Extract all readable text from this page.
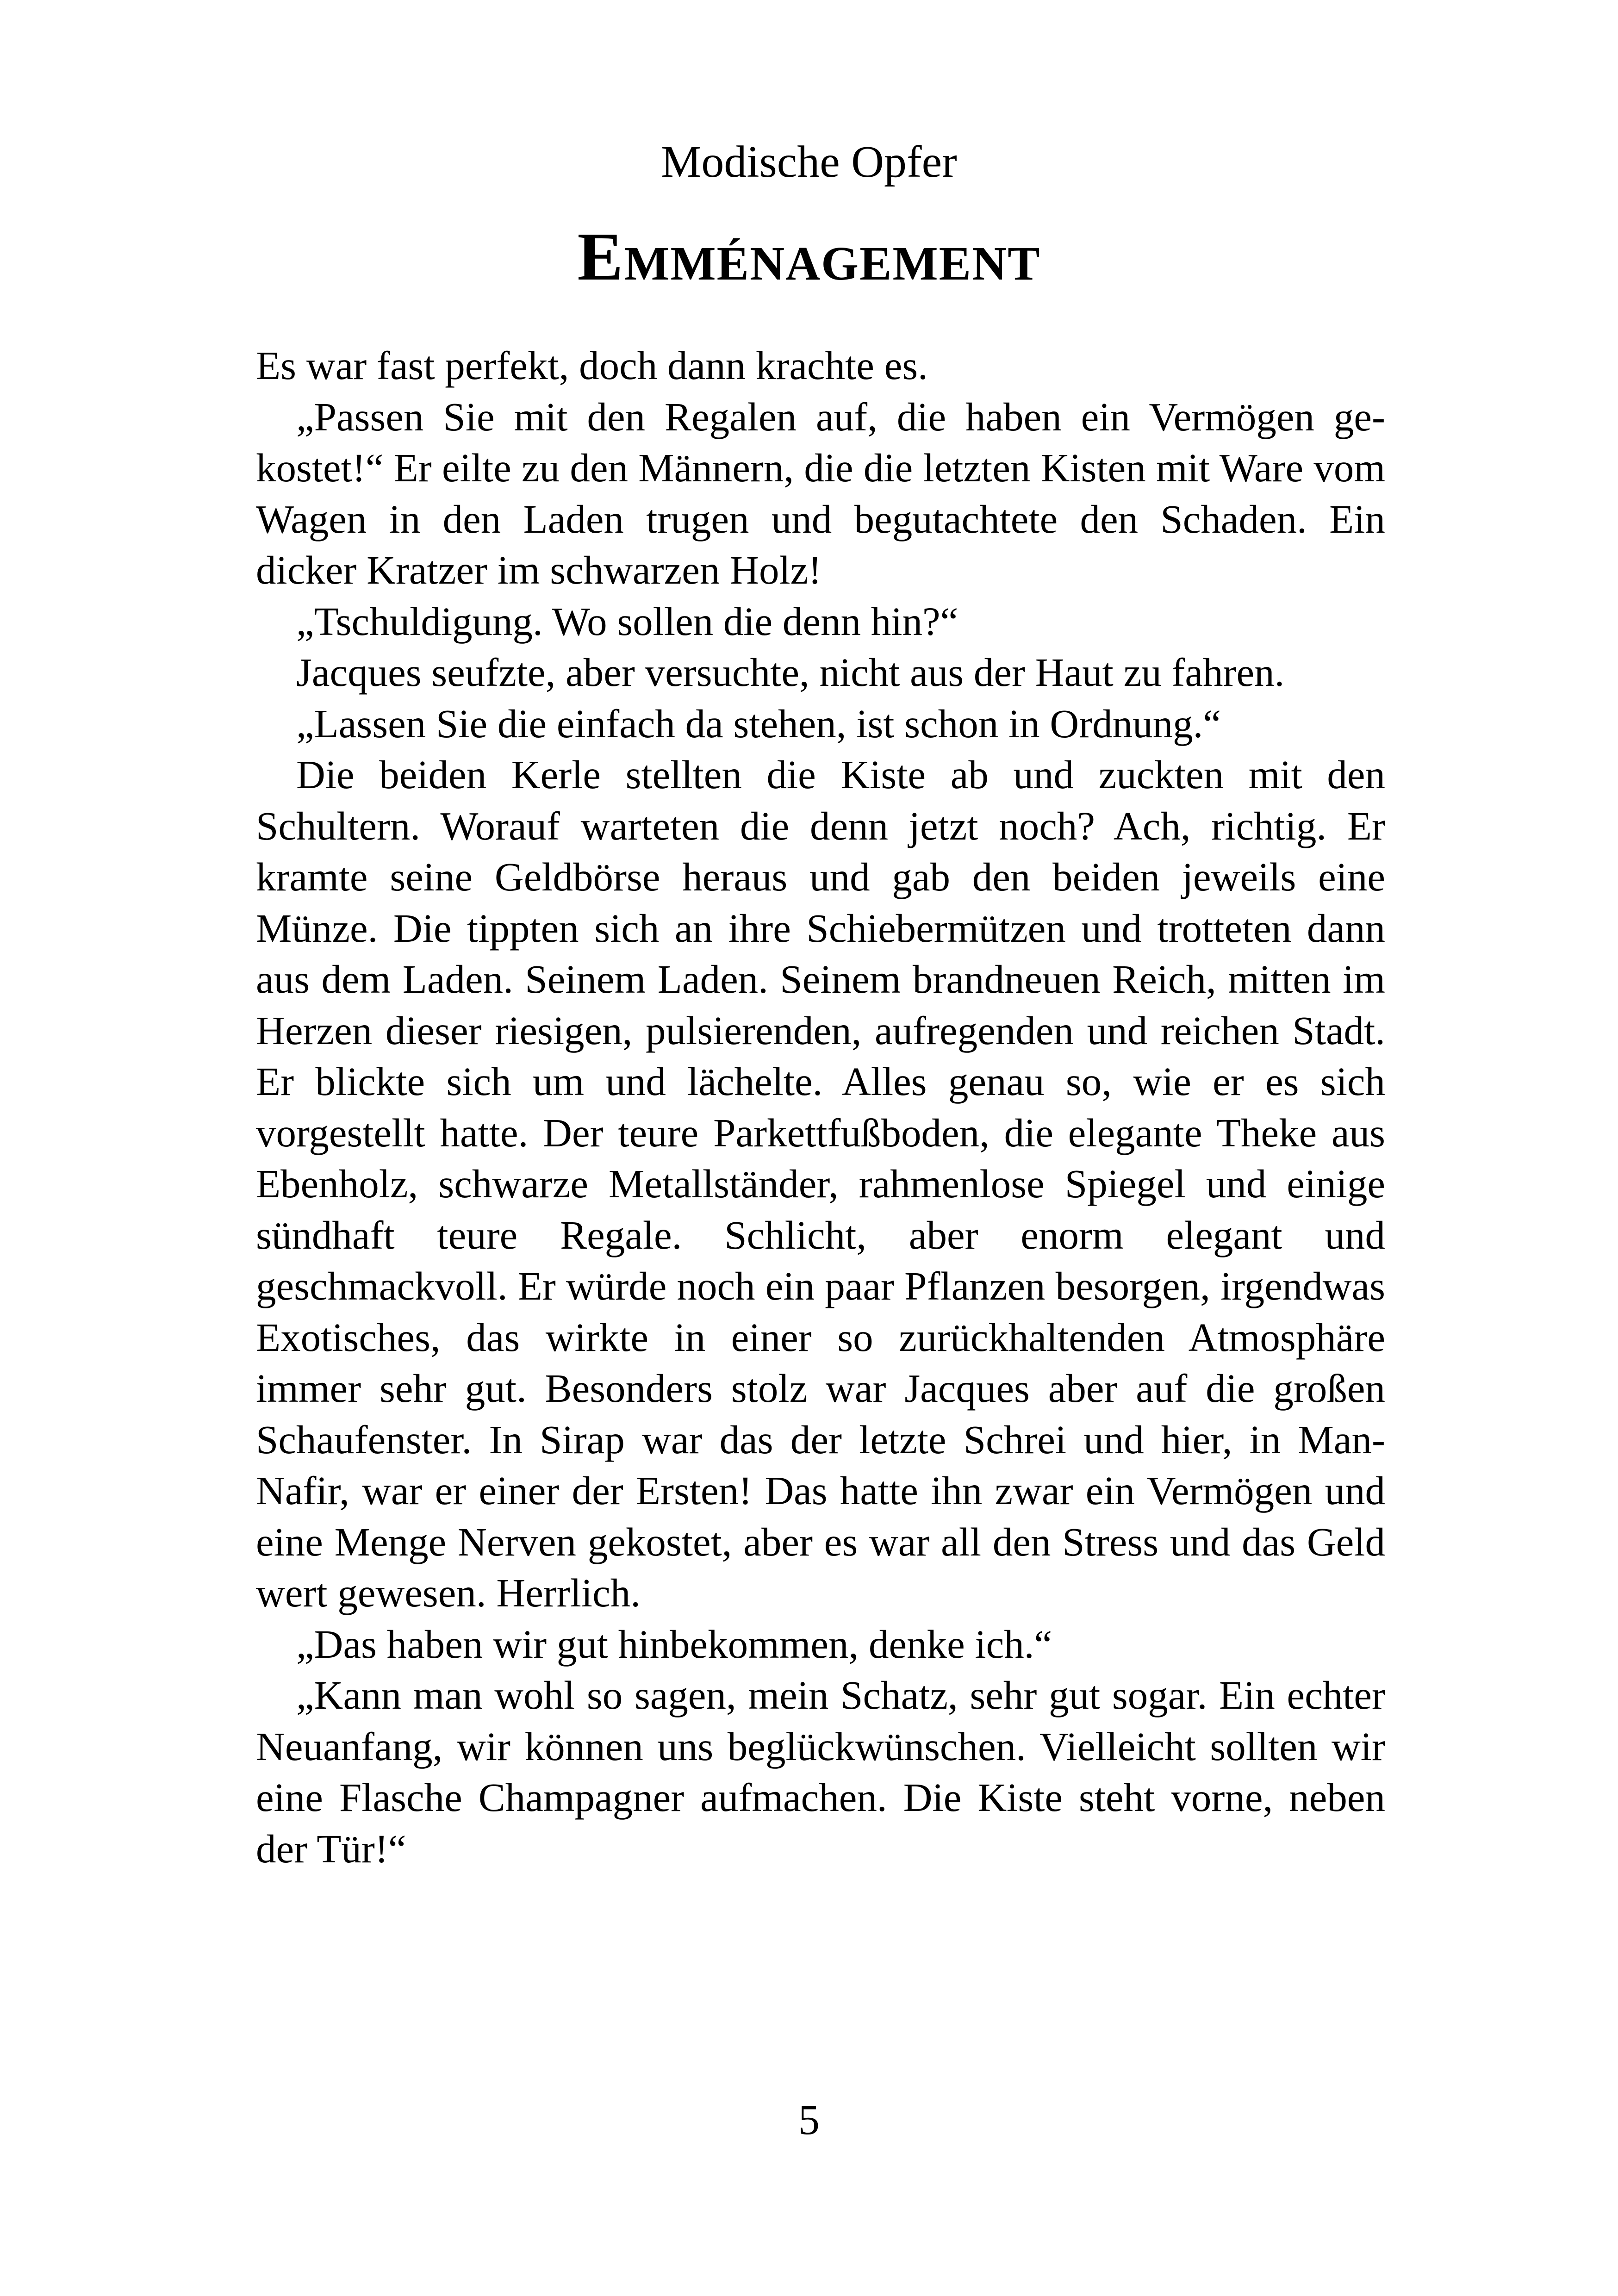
Modische Opfer
Emménagement

Es war fast perfekt, doch dann krachte es.

„Passen Sie mit den Regalen auf, die haben ein Vermögen gekostet!“ Er eilte zu den Männern, die die letzten Kisten mit Ware vom Wagen in den Laden trugen und begutachtete den Schaden. Ein dicker Kratzer im schwarzen Holz!

„Tschuldigung. Wo sollen die denn hin?“

Jacques seufzte, aber versuchte, nicht aus der Haut zu fahren.

„Lassen Sie die einfach da stehen, ist schon in Ordnung.“

Die beiden Kerle stellten die Kiste ab und zuckten mit den Schultern. Worauf warteten die denn jetzt noch? Ach, richtig. Er kramte seine Geldbörse heraus und gab den beiden jeweils eine Münze. Die tippten sich an ihre Schiebermützen und trotteten dann aus dem Laden. Seinem Laden. Seinem brandneuen Reich, mitten im Herzen dieser riesigen, pulsierenden, aufregenden und reichen Stadt. Er blickte sich um und lächelte. Alles genau so, wie er es sich vorgestellt hatte. Der teure Parkettfußboden, die elegante Theke aus Ebenholz, schwarze Metallständer, rahmenlose Spiegel und einige sündhaft teure Regale. Schlicht, aber enorm elegant und geschmackvoll. Er würde noch ein paar Pflanzen besorgen, irgendwas Exotisches, das wirkte in einer so zurückhaltenden Atmosphäre immer sehr gut. Besonders stolz war Jacques aber auf die großen Schaufenster. In Sirap war das der letzte Schrei und hier, in Man-Nafir, war er einer der Ersten! Das hatte ihn zwar ein Vermögen und eine Menge Nerven gekostet, aber es war all den Stress und das Geld wert gewesen. Herrlich.

„Das haben wir gut hinbekommen, denke ich.“

„Kann man wohl so sagen, mein Schatz, sehr gut sogar. Ein echter Neuanfang, wir können uns beglückwünschen. Vielleicht sollten wir eine Flasche Champagner aufmachen. Die Kiste steht vorne, neben der Tür!“

5
